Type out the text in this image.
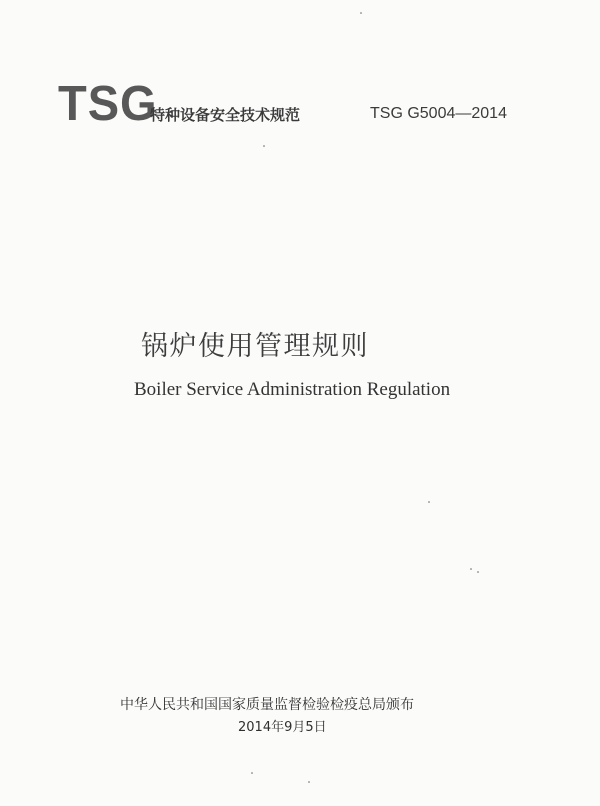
TSG
特种设备安全技术规范	TSG G5004—2014
锅炉使用管理规则
Boiler Service Administration Regulation
中华人民共和国国家质量监督检验检疫总局颁布
2014年9月5日
